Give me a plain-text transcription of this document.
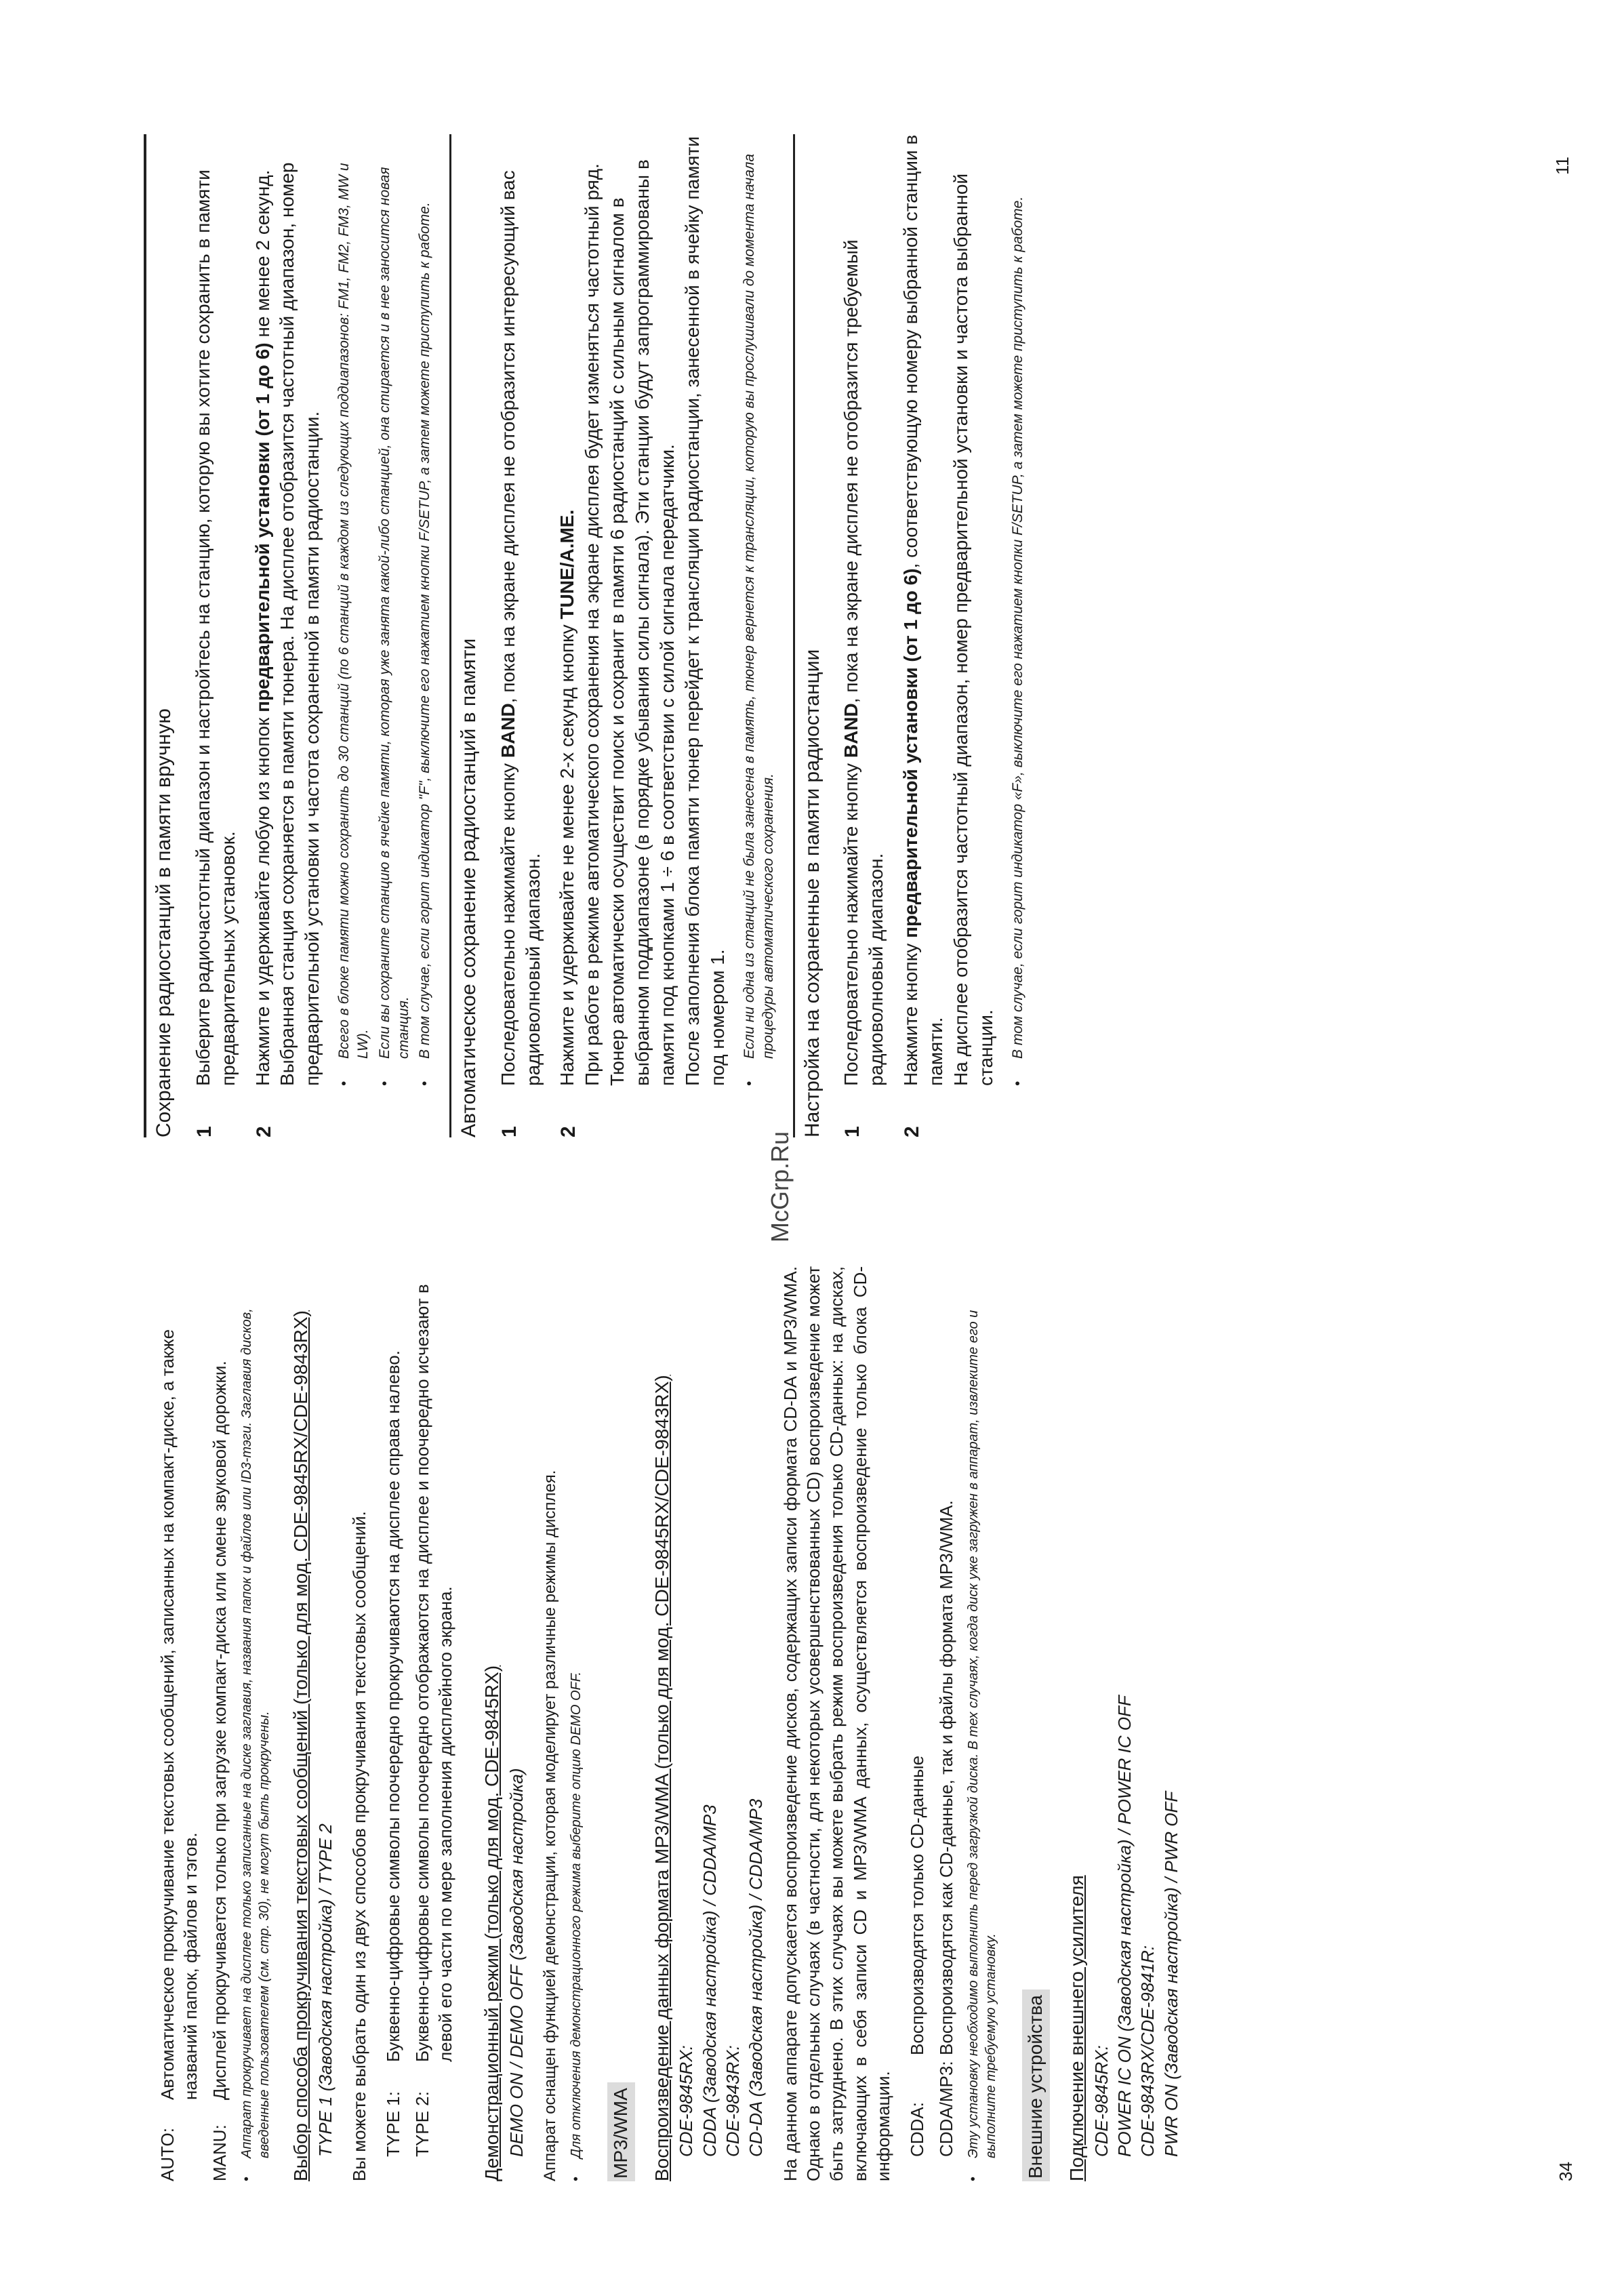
AUTO:
Автоматическое прокручивание текстовых сообщений, записанных на компакт-диске, а также названий папок, файлов и тэгов.
MANU:
Дисплей прокручивается только при загрузке компакт-диска или смене звуковой дорожки.
•
Аппарат прокручивает на дисплее только записанные на диске заглавия, названия папок и файлов или ID3-тэги. Заглавия дисков, введенные пользователем (см. стр. 30), не могут быть прокручены. Выбор способа прокручивания текстовых сообщений (только для мод. CDE-9845RX/CDE-9843RX) TYPE 1 (Заводская настройка) / TYPE 2 Вы можете выбрать один из двух способов прокручивания текстовых сообщений. TYPE 1:
Буквенно-цифровые символы поочередно прокручиваются на дисплее справа налево.
TYPE 2:
Буквенно-цифровые символы поочередно отображаются на дисплее и поочередно исчезают в левой его части по мере заполнения дисплейного экрана. Демонстрационный режим (только для мод. CDE-9845RX) DEMO ON / DEMO OFF (Заводская настройка) Аппарат оснащен функцией демонстрации, которая моделирует различные режимы дисплея. •
Для отключения демонстрационного режима выберите опцию DEMO OFF. MP3/WMA Воспроизведение данных формата MP3/WMA (только для мод. CDE-9845RX/CDE-9843RX) CDE-9845RX: CDDA (Заводская настройка) / CDDA/MP3 CDE-9843RX: CD-DA (Заводская настройка) / CDDA/MP3 На данном аппарате допускается воспроизведение дисков, содержащих записи формата CD-DA и MP3/WMA. Однако в отдельных случаях (в частности, для некоторых усовершенствованных CD) воспроизведение может быть затруднено. В этих случаях вы можете выбрать режим воспроизведения только CD-данных: на дисках, включающих в себя записи CD и MP3/WMA данных, осуществляется воспроизведение только блока CD-информации. CDDA:
Воспроизводятся только CD-данные
CDDA/MP3:
Воспроизводятся как CD-данные, так и файлы формата MP3/WMA.
•
Эту установку необходимо выполнить перед загрузкой диска. В тех случаях, когда диск уже загружен в аппарат, извлеките его и выполните требуемую установку. Внешние устройства Подключение внешнего усилителя CDE-9845RX: POWER IC ON (Заводская настройка) / POWER IC OFF CDE-9843RX/CDE-9841R: PWR ON (Заводская настройка) / PWR OFF
34
McGrp.Ru
Сохранение радиостанций в памяти вручную 1
Выберите радиочастотный диапазон и настройтесь на станцию, которую вы хотите сохранить в памяти предварительных установок.
2
Нажмите и удерживайте любую из кнопок предварительной установки (от 1 до 6) не менее 2 секунд. Выбранная станция сохраняется в памяти тюнера. На дисплее отобразится частотный диапазон, номер предварительной установки и частота сохраненной в памяти радиостанции. •
Всего в блоке памяти можно сохранить до 30 станций (по 6 станций в каждом из следующих поддиапазонов: FM1, FM2, FM3, MW и LW).
•
Если вы сохраните станцию в ячейке памяти, которая уже занята какой-либо станцией, она стирается и в нее заносится новая станция.
•
В том случае, если горит индикатор "F", выключите его нажатием кнопки F/SETUP, а затем можете приступить к работе. Автоматическое сохранение радиостанций в памяти 1
Последовательно нажимайте кнопку BAND, пока на экране дисплея не отобразится интересующий вас радиоволновый диапазон.
2
Нажмите и удерживайте не менее 2-х секунд кнопку TUNE/A.ME. При работе в режиме автоматического сохранения на экране дисплея будет изменяться частотный ряд. Тюнер автоматически осуществит поиск и сохранит в памяти 6 радиостанций с сильным сигналом в выбранном поддиапазоне (в порядке убывания силы сигнала). Эти станции будут запрограммированы в памяти под кнопками 1 ÷ 6 в соответствии с силой сигнала передатчики. После заполнения блока памяти тюнер перейдет к трансляции радиостанции, занесенной в ячейку памяти под номером 1. •
Если ни одна из станций не была занесена в память, тюнер вернется к трансляции, которую вы прослушивали до момента начала процедуры автоматического сохранения. Настройка на сохраненные в памяти радиостанции 1
Последовательно нажимайте кнопку BAND, пока на экране дисплея не отобразится требуемый радиоволновый диапазон.
2
Нажмите кнопку предварительной установки (от 1 до 6), соответствующую номеру выбранной станции в памяти. На дисплее отобразится частотный диапазон, номер предварительной установки и частота выбранной станции. •
В том случае, если горит индикатор «F», выключите его нажатием кнопки F/SETUP, а затем можете приступить к работе.
11
